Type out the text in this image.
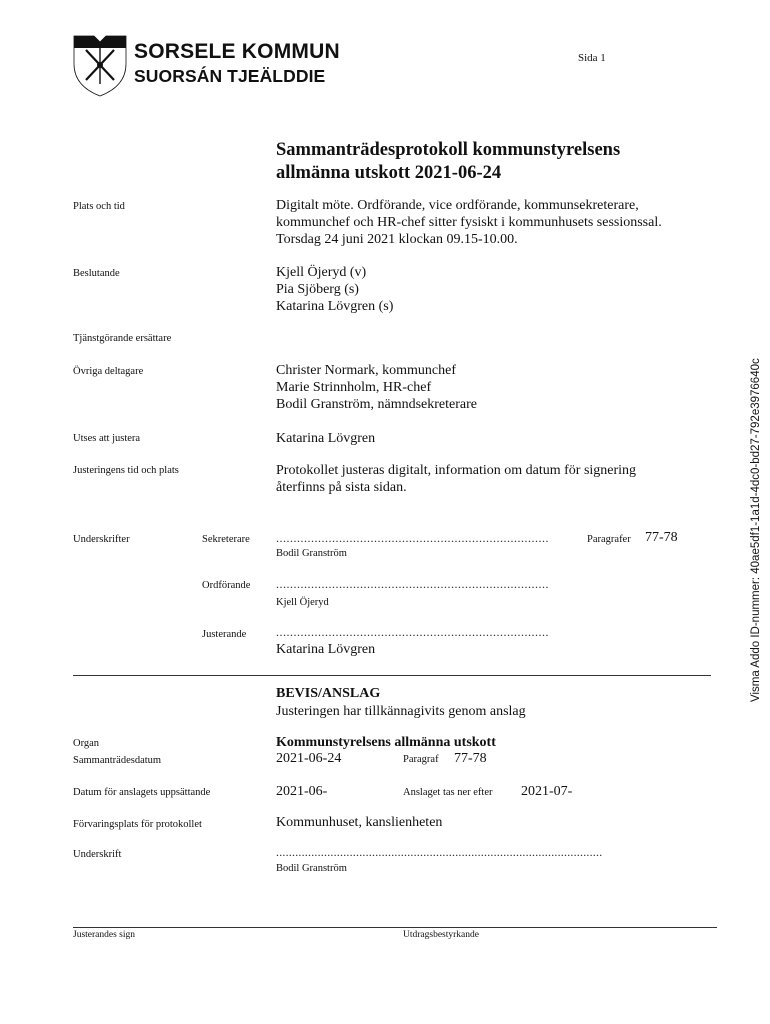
SORSELE KOMMUN
SUORSÁN TJEÄLDDIE
Sida 1
Sammanträdesprotokoll kommunstyrelsens
allmänna utskott 2021-06-24
Plats och tid	Digitalt möte. Ordförande, vice ordförande, kommunsekreterare,
kommunchef och HR-chef sitter fysiskt i kommunhusets sessionssal.
Torsdag 24 juni 2021 klockan 09.15-10.00.
Beslutande	Kjell Öjeryd (v)
Pia Sjöberg (s)
Katarina Lövgren (s)
Tjänstgörande ersättare
Övriga deltagare	Christer Normark, kommunchef
Marie Strinnholm, HR-chef
Bodil Granström, nämndsekreterare
Utses att justera	Katarina Lövgren
Justeringens tid och plats	Protokollet justeras digitalt, information om datum för signering
återfinns på sista sidan.
Underskrifter	Sekreterare ..............................................................................	Paragrafer 77-78
Bodil Granström
Ordförande ..............................................................................
Kjell Öjeryd
Justerande ..............................................................................
Katarina Lövgren
BEVIS/ANSLAG
Justeringen har tillkännagivits genom anslag
Organ	Kommunstyrelsens allmänna utskott
Sammanträdesdatum	2021-06-24	Paragraf 77-78
Datum för anslagets uppsättande	2021-06-	Anslaget tas ner efter 2021-07-
Förvaringsplats för protokollet	Kommunhuset, kanslienheten
Underskrift	......................................................................................................
Bodil Granström
Justerandes sign	Utdragsbestyrkande
Visma Addo ID-nummer: 40ae5df1-1a1d-4dc0-bd27-792e3976640c
